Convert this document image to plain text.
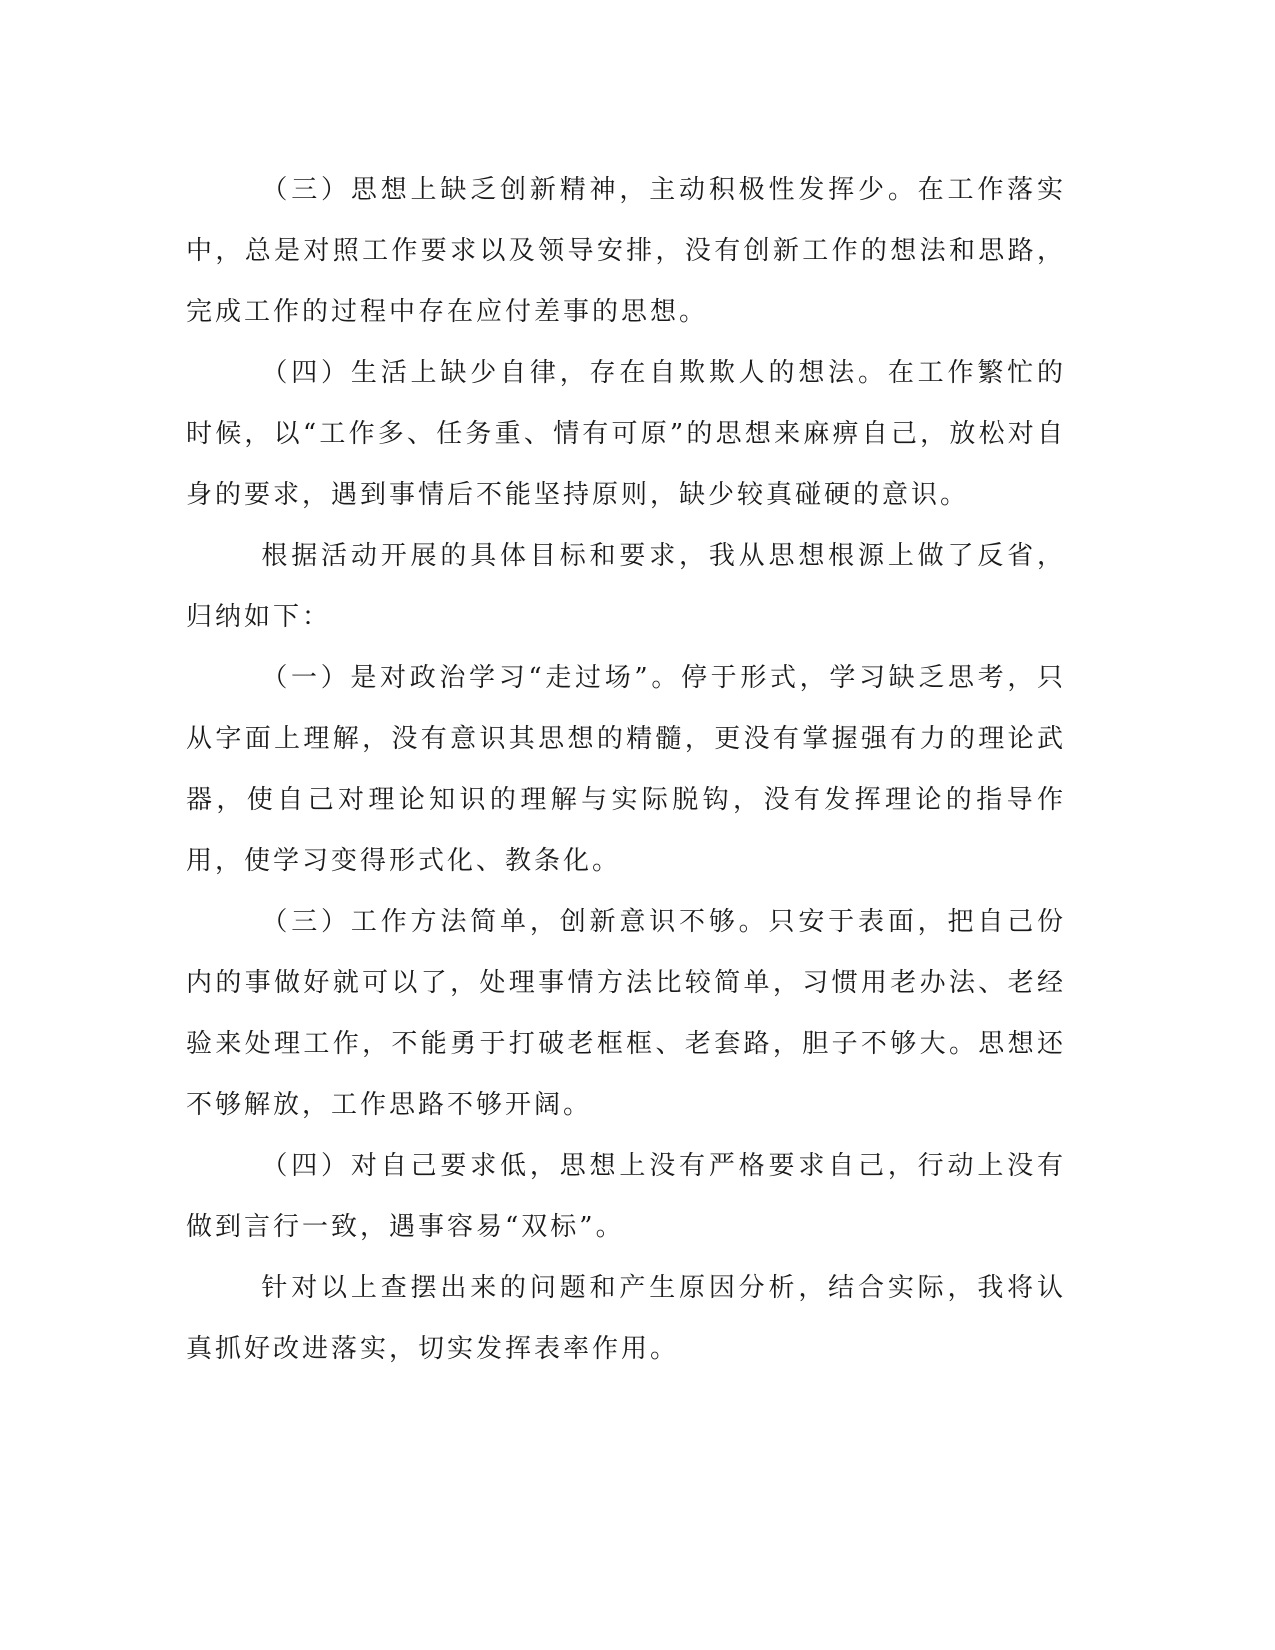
（三）思想上缺乏创新精神，主动积极性发挥少。在工作落实中，总是对照工作要求以及领导安排，没有创新工作的想法和思路，完成工作的过程中存在应付差事的思想。

（四）生活上缺少自律，存在自欺欺人的想法。在工作繁忙的时候，以“工作多、任务重、情有可原”的思想来麻痹自己，放松对自身的要求，遇到事情后不能坚持原则，缺少较真碰硬的意识。

根据活动开展的具体目标和要求，我从思想根源上做了反省，归纳如下：

（一）是对政治学习“走过场”。停于形式，学习缺乏思考，只从字面上理解，没有意识其思想的精髓，更没有掌握强有力的理论武器，使自己对理论知识的理解与实际脱钩，没有发挥理论的指导作用，使学习变得形式化、教条化。

（三）工作方法简单，创新意识不够。只安于表面，把自己份内的事做好就可以了，处理事情方法比较简单，习惯用老办法、老经验来处理工作，不能勇于打破老框框、老套路，胆子不够大。思想还不够解放，工作思路不够开阔。

（四）对自己要求低，思想上没有严格要求自己，行动上没有做到言行一致，遇事容易“双标”。

针对以上查摆出来的问题和产生原因分析，结合实际，我将认真抓好改进落实，切实发挥表率作用。
